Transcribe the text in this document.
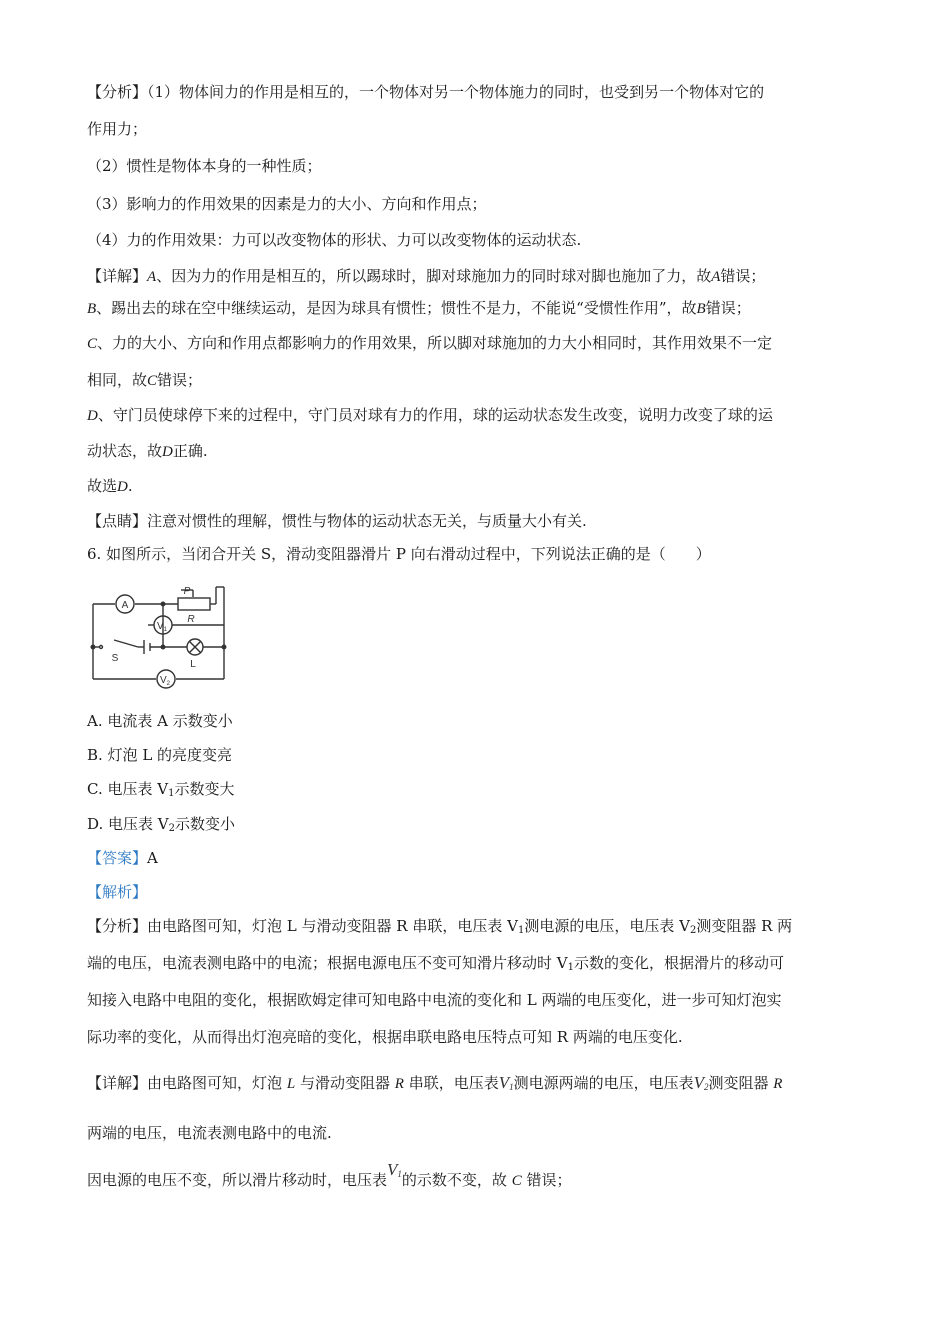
【分析】（1）物体间力的作用是相互的，一个物体对另一个物体施力的同时，也受到另一个物体对它的
作用力；
（2）惯性是物体本身的一种性质；
（3）影响力的作用效果的因素是力的大小、方向和作用点；
（4）力的作用效果：力可以改变物体的形状、力可以改变物体的运动状态.
【详解】A、因为力的作用是相互的，所以踢球时，脚对球施加力的同时球对脚也施加了力，故A错误；
B、踢出去的球在空中继续运动，是因为球具有惯性；惯性不是力，不能说“受惯性作用”，故B错误；
C、力的大小、方向和作用点都影响力的作用效果，所以脚对球施加的力大小相同时，其作用效果不一定
相同，故C错误；
D、守门员使球停下来的过程中，守门员对球有力的作用，球的运动状态发生改变，说明力改变了球的运
动状态，故D正确.
故选D.
【点睛】注意对惯性的理解，惯性与物体的运动状态无关，与质量大小有关.
6. 如图所示，当闭合开关 S，滑动变阻器滑片 P 向右滑动过程中，下列说法正确的是（　　）
A
$V_1$
$V_2$
P
R
S
L
A. 电流表 A 示数变小
B. 灯泡 L 的亮度变亮
C. 电压表 $V_1$示数变大
D. 电压表 $V_2$示数变小
【答案】A
【解析】
【分析】由电路图可知，灯泡 L 与滑动变阻器 R 串联，电压表 $V_1$测电源的电压，电压表 $V_2$测变阻器 R 两
端的电压，电流表测电路中的电流；根据电源电压不变可知滑片移动时 $V_1$示数的变化，根据滑片的移动可
知接入电路中电阻的变化，根据欧姆定律可知电路中电流的变化和 L 两端的电压变化，进一步可知灯泡实
际功率的变化，从而得出灯泡亮暗的变化，根据串联电路电压特点可知 R 两端的电压变化.
【详解】由电路图可知，灯泡 L 与滑动变阻器 R 串联，电压表$V_1$测电源两端的电压，电压表$V_2$测变阻器 R
两端的电压，电流表测电路中的电流.
因电源的电压不变，所以滑片移动时，电压表$V_1$的示数不变，故 C 错误；
